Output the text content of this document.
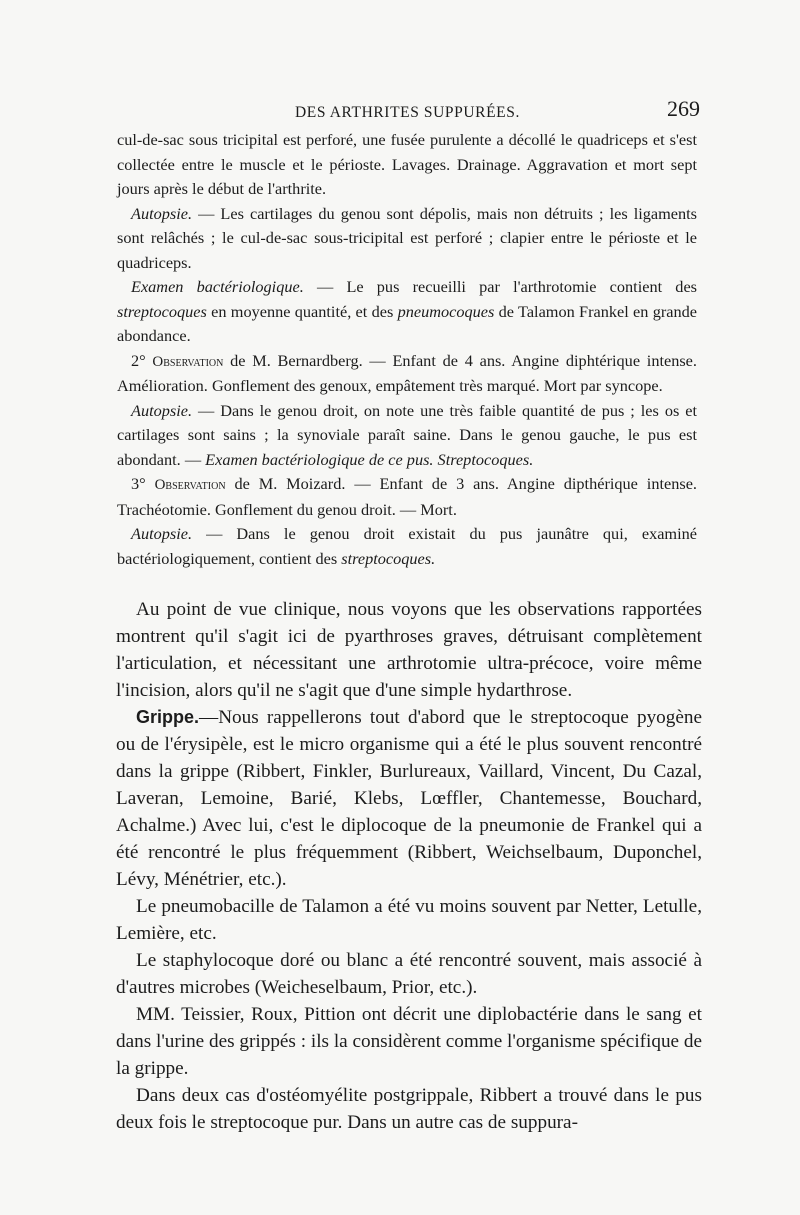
DES ARTHRITES SUPPURÉES.	269

cul-de-sac sous tricipital est perforé, une fusée purulente a décollé le quadriceps et s'est collectée entre le muscle et le périoste. Lavages. Drainage. Aggravation et mort sept jours après le début de l'arthrite.

Autopsie. — Les cartilages du genou sont dépolis, mais non détruits ; les ligaments sont relâchés ; le cul-de-sac sous-tricipital est perforé ; clapier entre le périoste et le quadriceps.

Examen bactériologique. — Le pus recueilli par l'arthrotomie contient des streptocoques en moyenne quantité, et des pneumocoques de Talamon Frankel en grande abondance.

2° Observation de M. Bernardberg. — Enfant de 4 ans. Angine diphtérique intense. Amélioration. Gonflement des genoux, empâtement très marqué. Mort par syncope.

Autopsie. — Dans le genou droit, on note une très faible quantité de pus ; les os et cartilages sont sains ; la synoviale paraît saine. Dans le genou gauche, le pus est abondant. — Examen bactériologique de ce pus. Streptocoques.

3° Observation de M. Moizard. — Enfant de 3 ans. Angine dipthérique intense. Trachéotomie. Gonflement du genou droit. — Mort.

Autopsie. — Dans le genou droit existait du pus jaunâtre qui, examiné bactériologiquement, contient des streptocoques.

Au point de vue clinique, nous voyons que les observations rapportées montrent qu'il s'agit ici de pyarthroses graves, détruisant complètement l'articulation, et nécessitant une arthrotomie ultra-précoce, voire même l'incision, alors qu'il ne s'agit que d'une simple hydarthrose.

Grippe.—Nous rappellerons tout d'abord que le streptocoque pyogène ou de l'érysipèle, est le micro organisme qui a été le plus souvent rencontré dans la grippe (Ribbert, Finkler, Burlureaux, Vaillard, Vincent, Du Cazal, Laveran, Lemoine, Barié, Klebs, Lœffler, Chantemesse, Bouchard, Achalme.) Avec lui, c'est le diplocoque de la pneumonie de Frankel qui a été rencontré le plus fréquemment (Ribbert, Weichselbaum, Duponchel, Lévy, Ménétrier, etc.).

Le pneumobacille de Talamon a été vu moins souvent par Netter, Letulle, Lemière, etc.

Le staphylocoque doré ou blanc a été rencontré souvent, mais associé à d'autres microbes (Weicheselbaum, Prior, etc.).

MM. Teissier, Roux, Pittion ont décrit une diplobactérie dans le sang et dans l'urine des grippés : ils la considèrent comme l'organisme spécifique de la grippe.

Dans deux cas d'ostéomyélite postgrippale, Ribbert a trouvé dans le pus deux fois le streptocoque pur. Dans un autre cas de suppura-
